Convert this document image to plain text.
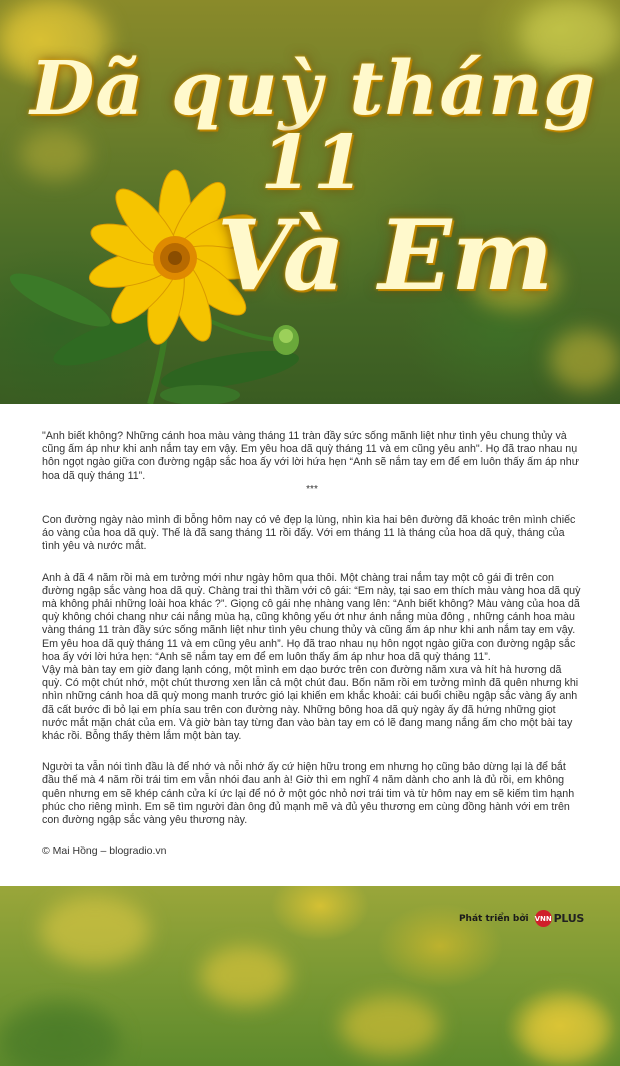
Dã quỳ tháng 11
Và Em

"Anh biết không? Những cánh hoa màu vàng tháng 11 tràn đầy sức sống mãnh liệt như tình yêu chung thủy và cũng ấm áp như khi anh nắm tay em vậy. Em yêu hoa dã quỳ tháng 11 và em cũng yêu anh". Họ đã trao nhau nụ hôn ngọt ngào giữa con đường ngập sắc hoa ấy với lời hứa hẹn “Anh sẽ nắm tay em để em luôn thấy ấm áp như hoa dã quỳ tháng 11”.

***

Con đường ngày nào mình đi bỗng hôm nay có vẻ đẹp lạ lùng, nhìn kìa hai bên đường đã khoác trên mình chiếc áo vàng của hoa dã quỳ. Thế là đã sang tháng 11 rồi đấy. Với em tháng 11 là tháng của hoa dã quỳ, tháng của tình yêu và nước mắt.

Anh à đã 4 năm rồi mà em tưởng mới như ngày hôm qua thôi. Một chàng trai nắm tay một cô gái đi trên con đường ngập sắc vàng hoa dã quỳ. Chàng trai thì thầm với cô gái: “Em này, tại sao em thích màu vàng hoa dã quỳ mà không phải những loài hoa khác ?”. Giọng cô gái nhẹ nhàng vang lên: “Anh biết không? Màu vàng của hoa dã quỳ không chói chang như cái nắng mùa hạ, cũng không yếu ớt như ánh nắng mùa đông , những cánh hoa màu vàng tháng 11 tràn đầy sức sống mãnh liệt như tình yêu chung thủy và cũng ấm áp như khi anh nắm tay em vậy. Em yêu hoa dã quỳ tháng 11 và em cũng yêu anh”. Họ đã trao nhau nụ hôn ngọt ngào giữa con đường ngập sắc hoa ấy với lời hứa hẹn: “Anh sẽ nắm tay em để em luôn thấy ấm áp như hoa dã quỳ tháng 11”.

Vậy mà bàn tay em giờ đang lạnh cóng, một mình em dạo bước trên con đường năm xưa và hít hà hương dã quỳ. Có một chút nhớ, một chút thương xen lẫn cả một chút đau. Bốn năm rồi em tưởng mình đã quên nhưng khi nhìn những cánh hoa dã quỳ mong manh trước gió lại khiến em khắc khoải: cái buổi chiều ngập sắc vàng ấy anh đã cất bước đi bỏ lại em phía sau trên con đường này. Những bông hoa dã quỳ ngày ấy đã hứng những giọt nước mắt mặn chát của em. Và giờ bàn tay từng đan vào bàn tay em có lẽ đang mang nắng ấm cho một bài tay khác rồi. Bỗng thấy thèm lắm một bàn tay.

Người ta vẫn nói tình đầu là để nhớ và nỗi nhớ ấy cứ hiện hữu trong em nhưng họ cũng bảo dừng lại là để bắt đầu thế mà 4 năm rồi trái tim em vẫn nhói đau anh à! Giờ thì em nghĩ 4 năm dành cho anh là đủ rồi, em không quên nhưng em sẽ khép cánh cửa kí ức lại để nó ở một góc nhỏ nơi trái tim và từ hôm nay em sẽ kiếm tìm hạnh phúc cho riêng mình. Em sẽ tìm người đàn ông đủ mạnh mẽ và đủ yêu thương em cùng đồng hành với em trên con đường ngập sắc vàng yêu thương này.

© Mai Hồng – blogradio.vn

Phát triển bởi VNN PLUS
